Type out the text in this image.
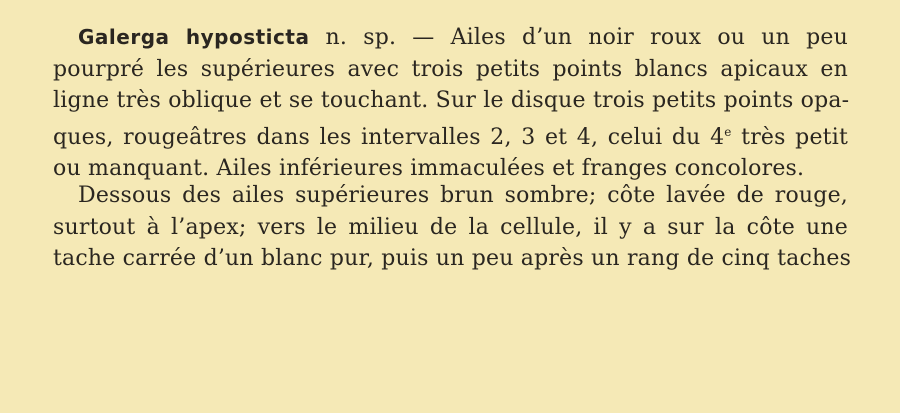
Galerga hyposticta n. sp. — Ailes d’un noir roux ou un peu
pourpré les supérieures avec trois petits points blancs apicaux en
ligne très oblique et se touchant. Sur le disque trois petits points opa-
ques, rougeâtres dans les intervalles 2, 3 et 4, celui du 4e très petit
ou manquant. Ailes inférieures immaculées et franges concolores.
Dessous des ailes supérieures brun sombre; côte lavée de rouge,
surtout à l’apex; vers le milieu de la cellule, il y a sur la côte une
tache carrée d’un blanc pur, puis un peu après un rang de cinq taches
